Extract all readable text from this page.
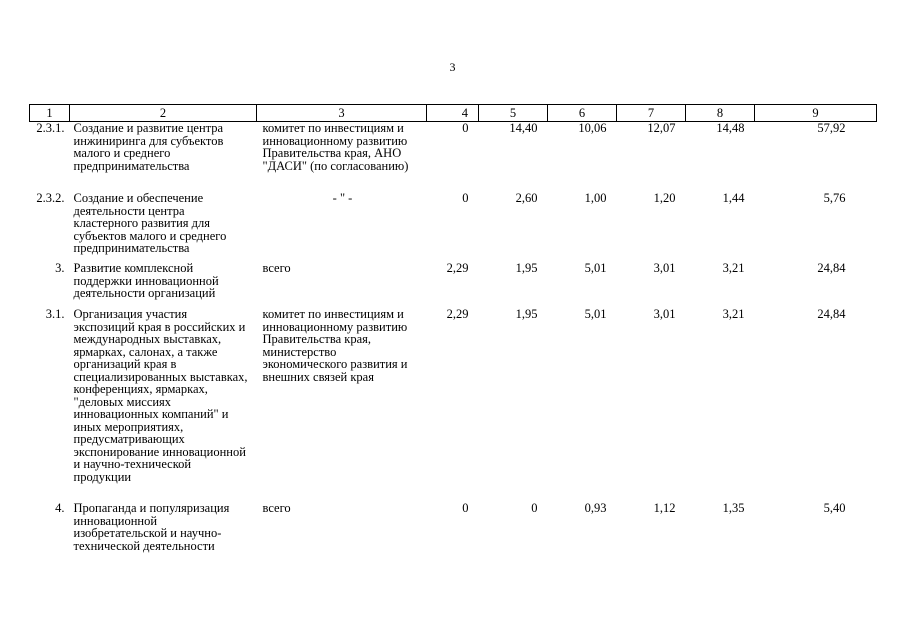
3
1	2	3	4	5	6	7	8	9
2.3.1.	Создание и развитие центра инжиниринга для субъектов малого и среднего предпринимательства	комитет по инвестициям и инновационному развитию Правительства края, АНО "ДАСИ" (по согласованию)	0	14,40	10,06	12,07	14,48	57,92
2.3.2.	Создание и обеспечение деятельности центра кластерного развития для субъектов малого и среднего предпринимательства	- " -	0	2,60	1,00	1,20	1,44	5,76
3.	Развитие комплексной поддержки инновационной деятельности организаций	всего	2,29	1,95	5,01	3,01	3,21	24,84
3.1.	Организация участия экспозиций края в российских и международных выставках, ярмарках, салонах, а также организаций края в специализированных выставках, конференциях, ярмарках, "деловых миссиях инновационных компаний" и иных мероприятиях, предусматривающих экспонирование инновационной и научно-технической продукции	комитет по инвестициям и инновационному развитию Правительства края, министерство экономического развития и внешних связей края	2,29	1,95	5,01	3,01	3,21	24,84
4.	Пропаганда и популяризация инновационной изобретательской и научно-технической деятельности	всего	0	0	0,93	1,12	1,35	5,40
